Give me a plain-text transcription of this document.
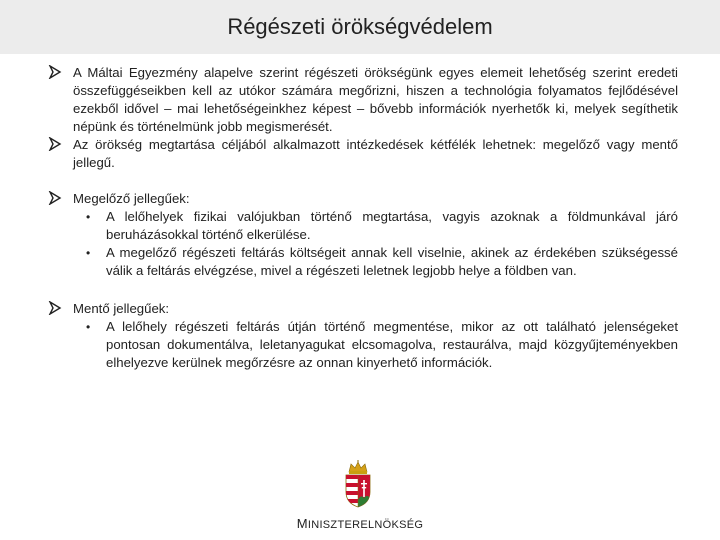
Régészeti örökségvédelem
A Máltai Egyezmény alapelve szerint régészeti örökségünk egyes elemeit lehetőség szerint eredeti összefüggéseikben kell az utókor számára megőrizni, hiszen a technológia folyamatos fejlődésével ezekből idővel – mai lehetőségeinkhez képest – bővebb információk nyerhetők ki, melyek segíthetik népünk és történelmünk jobb megismerését.
Az örökség megtartása céljából alkalmazott intézkedések kétfélék lehetnek: megelőző vagy mentő jellegű.
Megelőző jellegűek:
• A lelőhelyek fizikai valójukban történő megtartása, vagyis azoknak a földmunkával járó beruházásokkal történő elkerülése.
• A megelőző régészeti feltárás költségeit annak kell viselnie, akinek az érdekében szükségessé válik a feltárás elvégzése, mivel a régészeti leletnek legjobb helye a földben van.
Mentő jellegűek:
• A lelőhely régészeti feltárás útján történő megmentése, mikor az ott található jelenségeket pontosan dokumentálva, leletanyagukat elcsomagolva, restaurálva, majd közgyűjteményekben elhelyezve kerülnek megőrzésre az onnan kinyerhető információk.
MINISZTERELNÖKSÉG
